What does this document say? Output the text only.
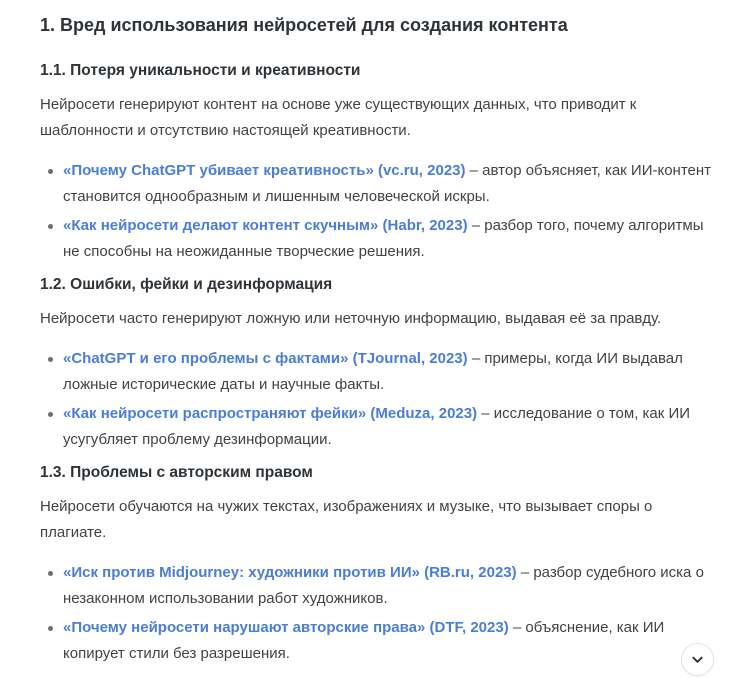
1. Вред использования нейросетей для создания контента
1.1. Потеря уникальности и креативности

Нейросети генерируют контент на основе уже существующих данных, что приводит к шаблонности и отсутствию настоящей креативности.

«Почему ChatGPT убивает креативность» (vc.ru, 2023) – автор объясняет, как ИИ-контент становится однообразным и лишенным человеческой искры.
«Как нейросети делают контент скучным» (Habr, 2023) – разбор того, почему алгоритмы не способны на неожиданные творческие решения.
1.2. Ошибки, фейки и дезинформация

Нейросети часто генерируют ложную или неточную информацию, выдавая её за правду.

«ChatGPT и его проблемы с фактами» (TJournal, 2023) – примеры, когда ИИ выдавал ложные исторические даты и научные факты.
«Как нейросети распространяют фейки» (Meduza, 2023) – исследование о том, как ИИ усугубляет проблему дезинформации.
1.3. Проблемы с авторским правом

Нейросети обучаются на чужих текстах, изображениях и музыке, что вызывает споры о плагиате.

«Иск против Midjourney: художники против ИИ» (RB.ru, 2023) – разбор судебного иска о незаконном использовании работ художников.
«Почему нейросети нарушают авторские права» (DTF, 2023) – объяснение, как ИИ копирует стили без разрешения.
